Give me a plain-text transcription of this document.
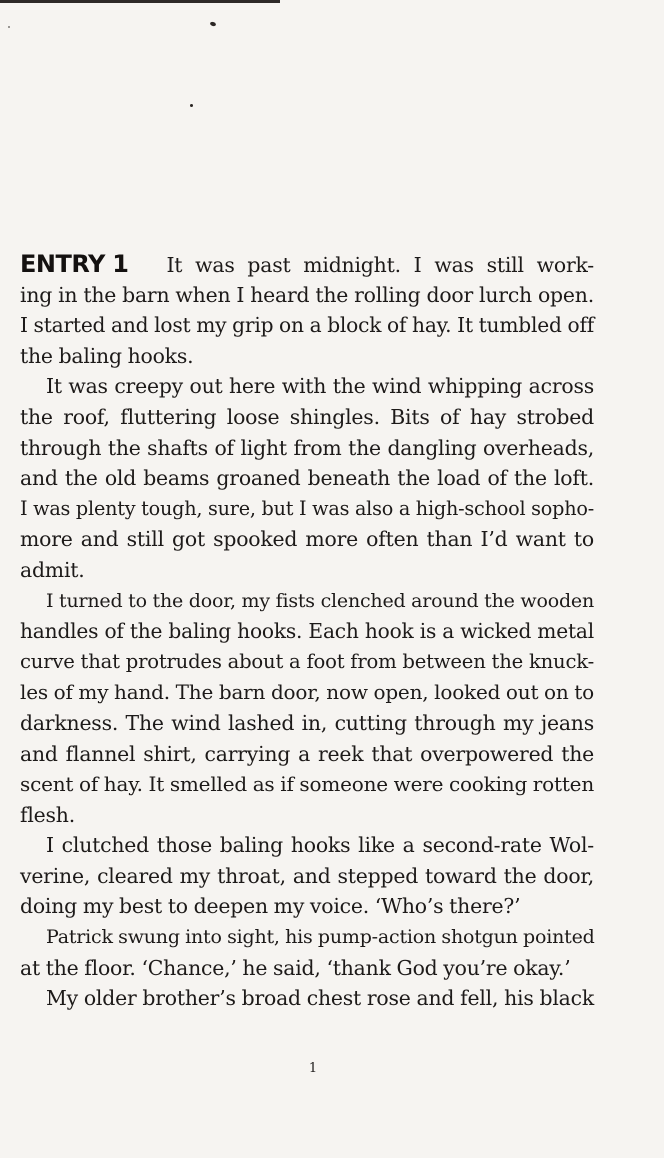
ENTRY 1 It was past midnight. I was still work-
ing in the barn when I heard the rolling door lurch open.
I started and lost my grip on a block of hay. It tumbled off
the baling hooks.
It was creepy out here with the wind whipping across
the roof, fluttering loose shingles. Bits of hay strobed
through the shafts of light from the dangling overheads,
and the old beams groaned beneath the load of the loft.
I was plenty tough, sure, but I was also a high-school sopho-
more and still got spooked more often than I’d want to
admit.
I turned to the door, my fists clenched around the wooden
handles of the baling hooks. Each hook is a wicked metal
curve that protrudes about a foot from between the knuck-
les of my hand. The barn door, now open, looked out on to
darkness. The wind lashed in, cutting through my jeans
and flannel shirt, carrying a reek that overpowered the
scent of hay. It smelled as if someone were cooking rotten
flesh.
I clutched those baling hooks like a second-rate Wol-
verine, cleared my throat, and stepped toward the door,
doing my best to deepen my voice. ‘Who’s there?’
Patrick swung into sight, his pump-action shotgun pointed
at the floor. ‘Chance,’ he said, ‘thank God you’re okay.’
My older brother’s broad chest rose and fell, his black
1
